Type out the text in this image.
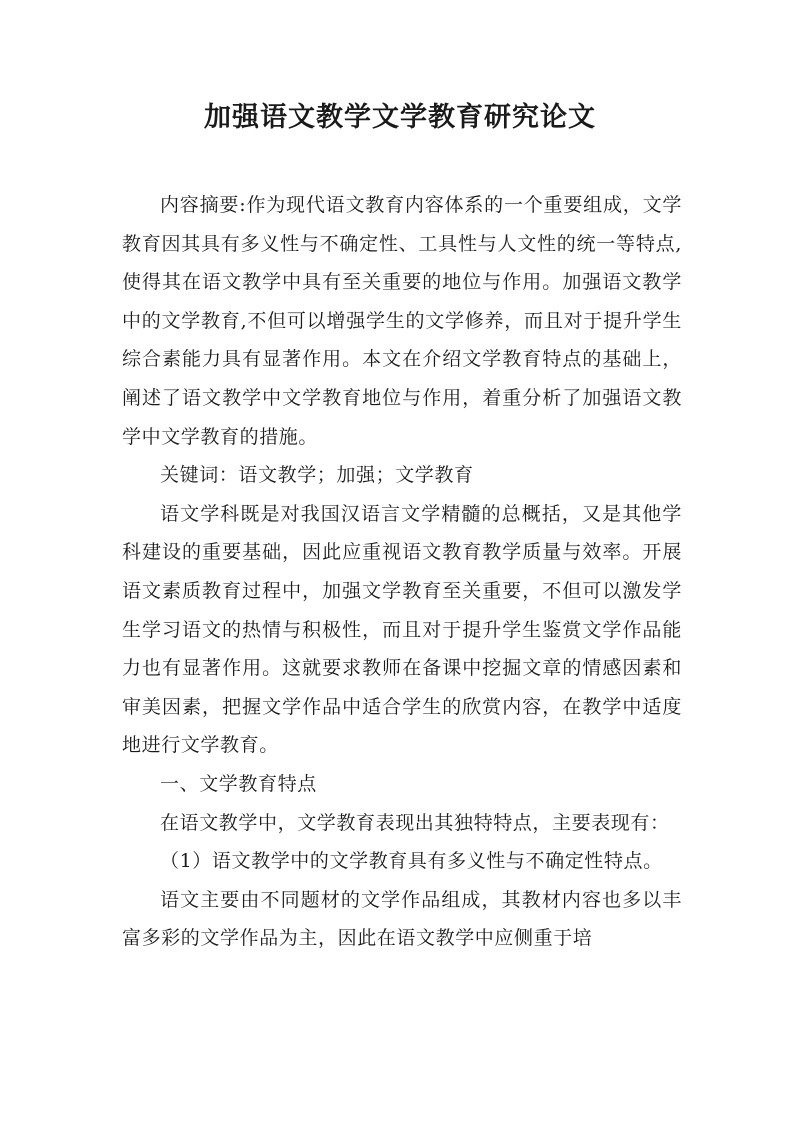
加强语文教学文学教育研究论文

内容摘要:作为现代语文教育内容体系的一个重要组成，文学教育因其具有多义性与不确定性、工具性与人文性的统一等特点,使得其在语文教学中具有至关重要的地位与作用。加强语文教学中的文学教育,不但可以增强学生的文学修养，而且对于提升学生综合素能力具有显著作用。本文在介绍文学教育特点的基础上，阐述了语文教学中文学教育地位与作用，着重分析了加强语文教学中文学教育的措施。

关键词：语文教学；加强；文学教育

语文学科既是对我国汉语言文学精髓的总概括，又是其他学科建设的重要基础，因此应重视语文教育教学质量与效率。开展语文素质教育过程中，加强文学教育至关重要，不但可以激发学生学习语文的热情与积极性，而且对于提升学生鉴赏文学作品能力也有显著作用。这就要求教师在备课中挖掘文章的情感因素和审美因素，把握文学作品中适合学生的欣赏内容，在教学中适度地进行文学教育。

一、文学教育特点

在语文教学中，文学教育表现出其独特特点，主要表现有：

（1）语文教学中的文学教育具有多义性与不确定性特点。

语文主要由不同题材的文学作品组成，其教材内容也多以丰富多彩的文学作品为主，因此在语文教学中应侧重于培
